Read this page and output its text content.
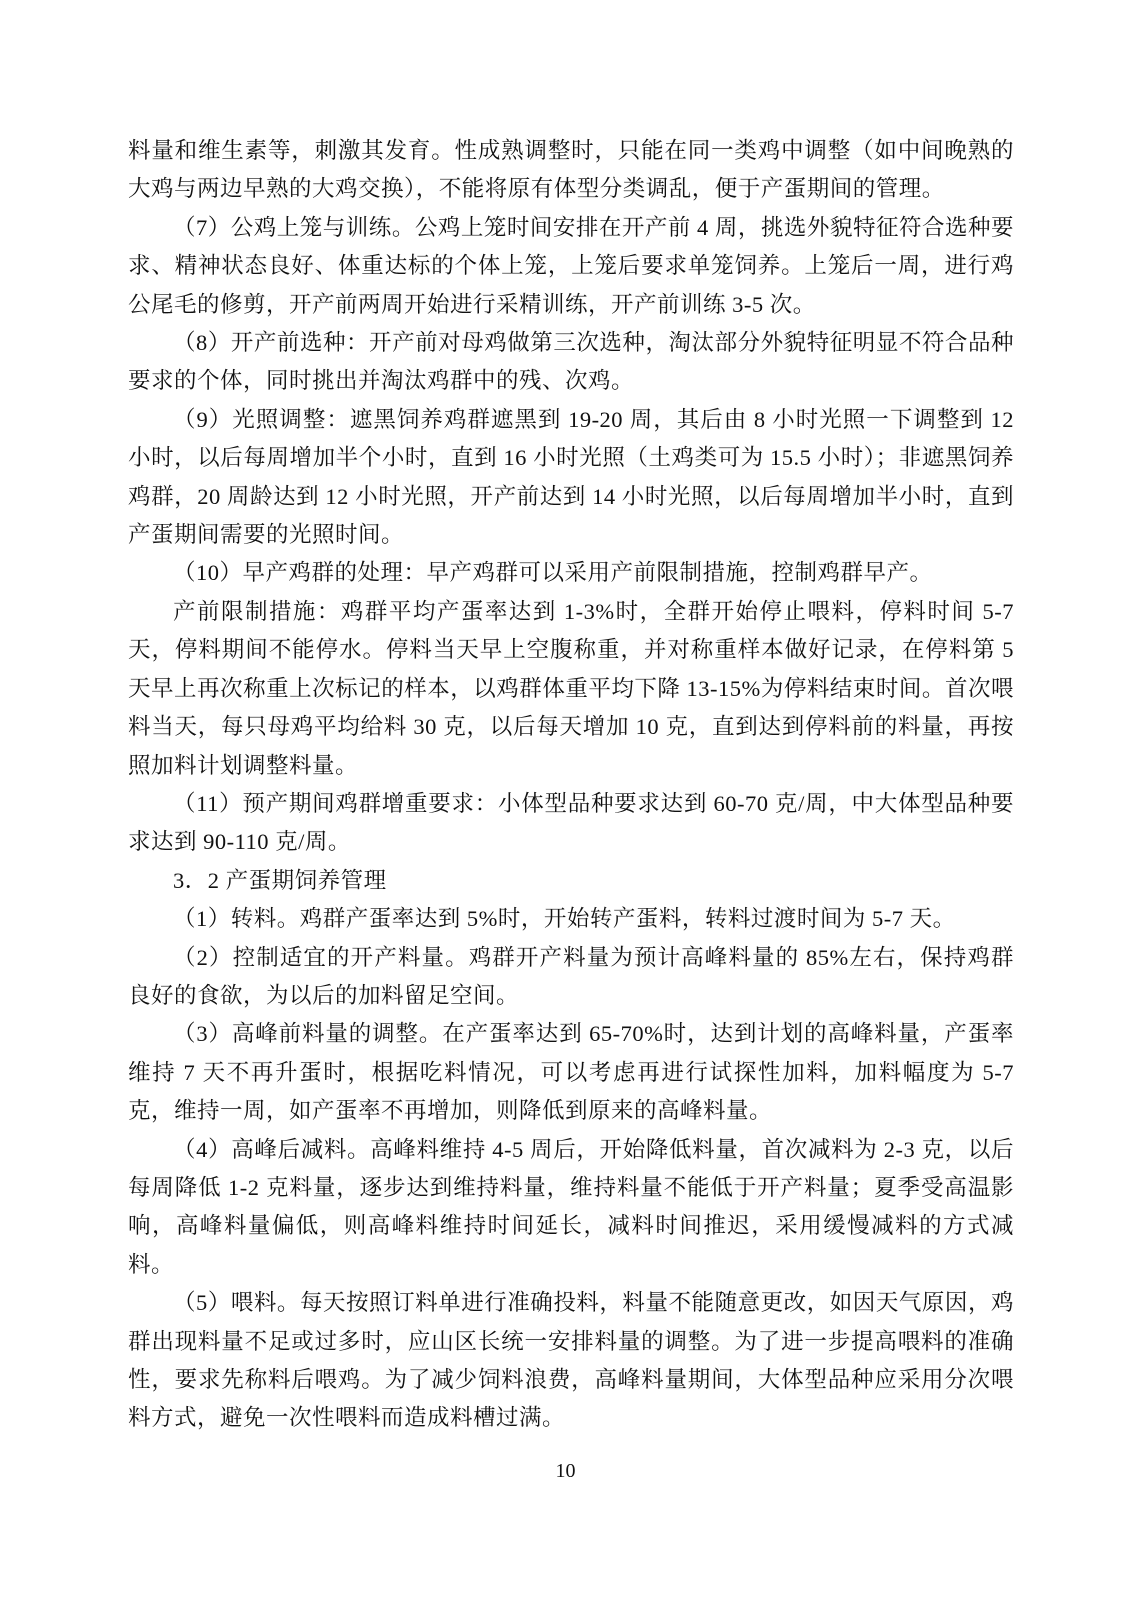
料量和维生素等，刺激其发育。性成熟调整时，只能在同一类鸡中调整（如中间晚熟的大鸡与两边早熟的大鸡交换），不能将原有体型分类调乱，便于产蛋期间的管理。

（7）公鸡上笼与训练。公鸡上笼时间安排在开产前 4 周，挑选外貌特征符合选种要求、精神状态良好、体重达标的个体上笼，上笼后要求单笼饲养。上笼后一周，进行鸡公尾毛的修剪，开产前两周开始进行采精训练，开产前训练 3-5 次。

（8）开产前选种：开产前对母鸡做第三次选种，淘汰部分外貌特征明显不符合品种要求的个体，同时挑出并淘汰鸡群中的残、次鸡。

（9）光照调整：遮黑饲养鸡群遮黑到 19-20 周，其后由 8 小时光照一下调整到 12 小时，以后每周增加半个小时，直到 16 小时光照（土鸡类可为 15.5 小时）；非遮黑饲养鸡群，20 周龄达到 12 小时光照，开产前达到 14 小时光照，以后每周增加半小时，直到产蛋期间需要的光照时间。

（10）早产鸡群的处理：早产鸡群可以采用产前限制措施，控制鸡群早产。

产前限制措施：鸡群平均产蛋率达到 1-3%时，全群开始停止喂料，停料时间 5-7 天，停料期间不能停水。停料当天早上空腹称重，并对称重样本做好记录，在停料第 5 天早上再次称重上次标记的样本，以鸡群体重平均下降 13-15%为停料结束时间。首次喂料当天，每只母鸡平均给料 30 克，以后每天增加 10 克，直到达到停料前的料量，再按照加料计划调整料量。

（11）预产期间鸡群增重要求：小体型品种要求达到 60-70 克/周，中大体型品种要求达到 90-110 克/周。

3．2 产蛋期饲养管理

（1）转料。鸡群产蛋率达到 5%时，开始转产蛋料，转料过渡时间为 5-7 天。

（2）控制适宜的开产料量。鸡群开产料量为预计高峰料量的 85%左右，保持鸡群良好的食欲，为以后的加料留足空间。

（3）高峰前料量的调整。在产蛋率达到 65-70%时，达到计划的高峰料量，产蛋率维持 7 天不再升蛋时，根据吃料情况，可以考虑再进行试探性加料，加料幅度为 5-7 克，维持一周，如产蛋率不再增加，则降低到原来的高峰料量。

（4）高峰后减料。高峰料维持 4-5 周后，开始降低料量，首次减料为 2-3 克，以后每周降低 1-2 克料量，逐步达到维持料量，维持料量不能低于开产料量；夏季受高温影响，高峰料量偏低，则高峰料维持时间延长，减料时间推迟，采用缓慢减料的方式减料。

（5）喂料。每天按照订料单进行准确投料，料量不能随意更改，如因天气原因，鸡群出现料量不足或过多时，应山区长统一安排料量的调整。为了进一步提高喂料的准确性，要求先称料后喂鸡。为了减少饲料浪费，高峰料量期间，大体型品种应采用分次喂料方式，避免一次性喂料而造成料槽过满。

10
